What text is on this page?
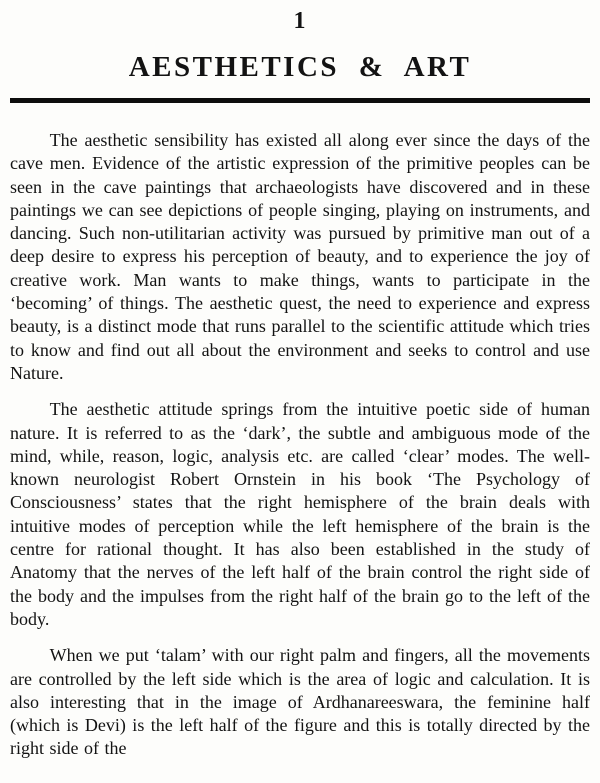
1
AESTHETICS & ART

The aesthetic sensibility has existed all along ever since the days of the cave men. Evidence of the artistic expression of the primitive peoples can be seen in the cave paintings that archaeologists have discovered and in these paintings we can see depictions of people singing, playing on instruments, and dancing. Such non-utilitarian activity was pursued by primitive man out of a deep desire to express his perception of beauty, and to experience the joy of creative work. Man wants to make things, wants to participate in the ‘becoming’ of things. The aesthetic quest, the need to experience and express beauty, is a distinct mode that runs parallel to the scientific attitude which tries to know and find out all about the environment and seeks to control and use Nature.

The aesthetic attitude springs from the intuitive poetic side of human nature. It is referred to as the ‘dark’, the subtle and ambiguous mode of the mind, while, reason, logic, analysis etc. are called ‘clear’ modes. The well-known neurologist Robert Ornstein in his book ‘The Psychology of Consciousness’ states that the right hemisphere of the brain deals with intuitive modes of perception while the left hemisphere of the brain is the centre for rational thought. It has also been established in the study of Anatomy that the nerves of the left half of the brain control the right side of the body and the impulses from the right half of the brain go to the left of the body.

When we put ‘talam’ with our right palm and fingers, all the movements are controlled by the left side which is the area of logic and calculation. It is also interesting that in the image of Ardhanareeswara, the feminine half (which is Devi) is the left half of the figure and this is totally directed by the right side of the
